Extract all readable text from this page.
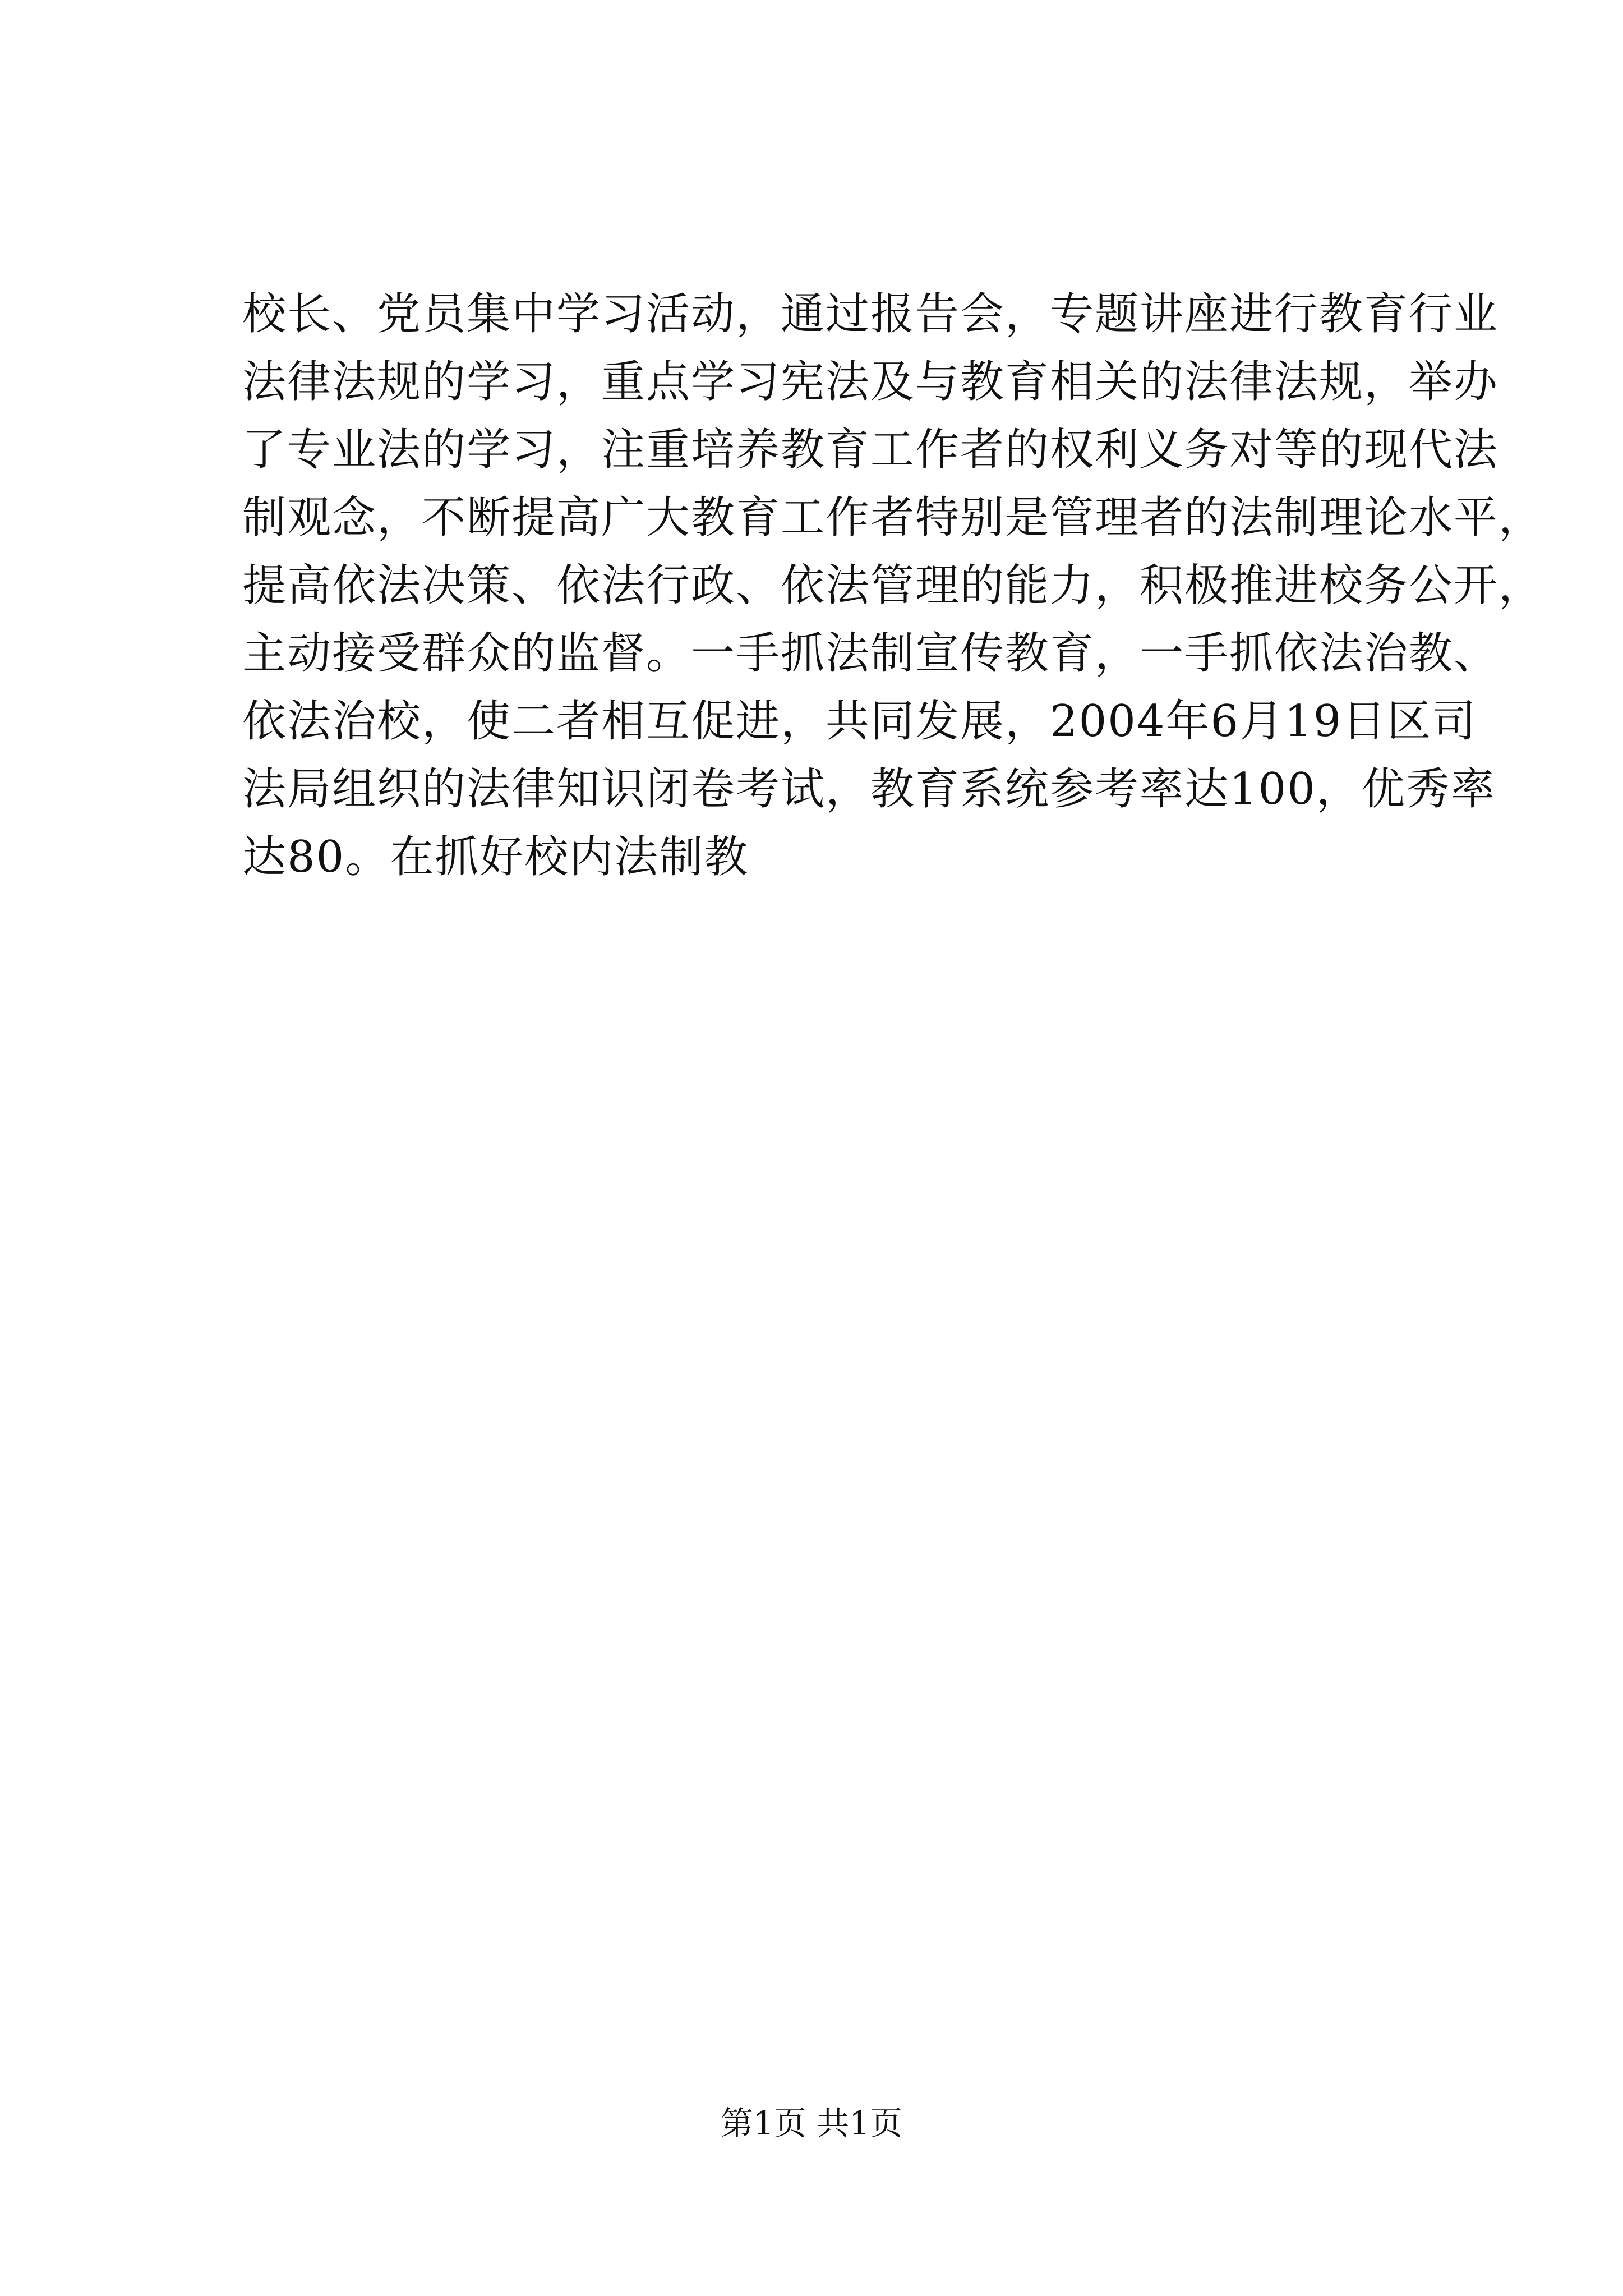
校长、党员集中学习活动，通过报告会，专题讲座进行教育行业
法律法规的学习，重点学习宪法及与教育相关的法律法规，举办
了专业法的学习，注重培养教育工作者的权利义务对等的现代法
制观念，不断提高广大教育工作者特别是管理者的法制理论水平，
提高依法决策、依法行政、依法管理的能力，积极推进校务公开，
主动接受群众的监督。一手抓法制宣传教育，一手抓依法治教、
依法治校，使二者相互促进，共同发展，2004年6月19日区司
法局组织的法律知识闭卷考试，教育系统参考率达100，优秀率
达80。在抓好校内法制教
第1页 共1页
